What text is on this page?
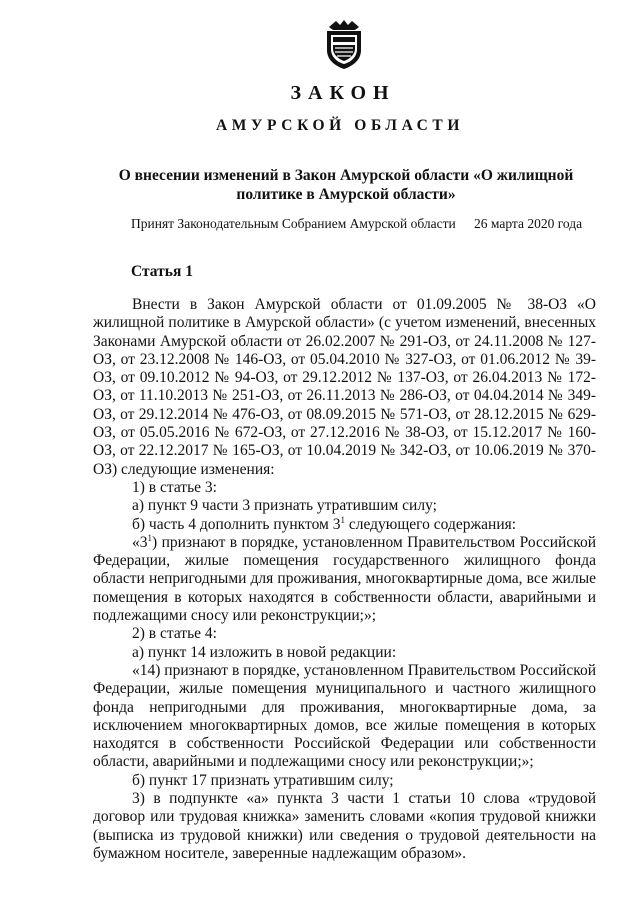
ЗАКОН
АМУРСКОЙ ОБЛАСТИ
О внесении изменений в Закон Амурской области «О жилищной
политике в Амурской области»
Принят Законодательным Собранием Амурской области 26 марта 2020 года
Статья 1

Внести в Закон Амурской области от 01.09.2005 № 38-ОЗ «О жилищной политике в Амурской области» (с учетом изменений, внесенных Законами Амурской области от 26.02.2007 № 291-ОЗ, от 24.11.2008 № 127-ОЗ, от 23.12.2008 № 146-ОЗ, от 05.04.2010 № 327-ОЗ, от 01.06.2012 № 39-ОЗ, от 09.10.2012 № 94-ОЗ, от 29.12.2012 № 137-ОЗ, от 26.04.2013 № 172-ОЗ, от 11.10.2013 № 251-ОЗ, от 26.11.2013 № 286-ОЗ, от 04.04.2014 № 349-ОЗ, от 29.12.2014 № 476-ОЗ, от 08.09.2015 № 571-ОЗ, от 28.12.2015 № 629-ОЗ, от 05.05.2016 № 672-ОЗ, от 27.12.2016 № 38-ОЗ, от 15.12.2017 № 160-ОЗ, от 22.12.2017 № 165-ОЗ, от 10.04.2019 № 342-ОЗ, от 10.06.2019 № 370-ОЗ) следующие изменения:

1) в статье 3:

а) пункт 9 части 3 признать утратившим силу;

б) часть 4 дополнить пунктом $3^1$ следующего содержания:

«$3^1$) признают в порядке, установленном Правительством Российской Федерации, жилые помещения государственного жилищного фонда области непригодными для проживания, многоквартирные дома, все жилые помещения в которых находятся в собственности области, аварийными и подлежащими сносу или реконструкции;»;

2) в статье 4:

а) пункт 14 изложить в новой редакции:

«14) признают в порядке, установленном Правительством Российской Федерации, жилые помещения муниципального и частного жилищного фонда непригодными для проживания, многоквартирные дома, за исключением многоквартирных домов, все жилые помещения в которых находятся в собственности Российской Федерации или собственности области, аварийными и подлежащими сносу или реконструкции;»;

б) пункт 17 признать утратившим силу;

3) в подпункте «а» пункта 3 части 1 статьи 10 слова «трудовой договор или трудовая книжка» заменить словами «копия трудовой книжки (выписка из трудовой книжки) или сведения о трудовой деятельности на бумажном носителе, заверенные надлежащим образом».
